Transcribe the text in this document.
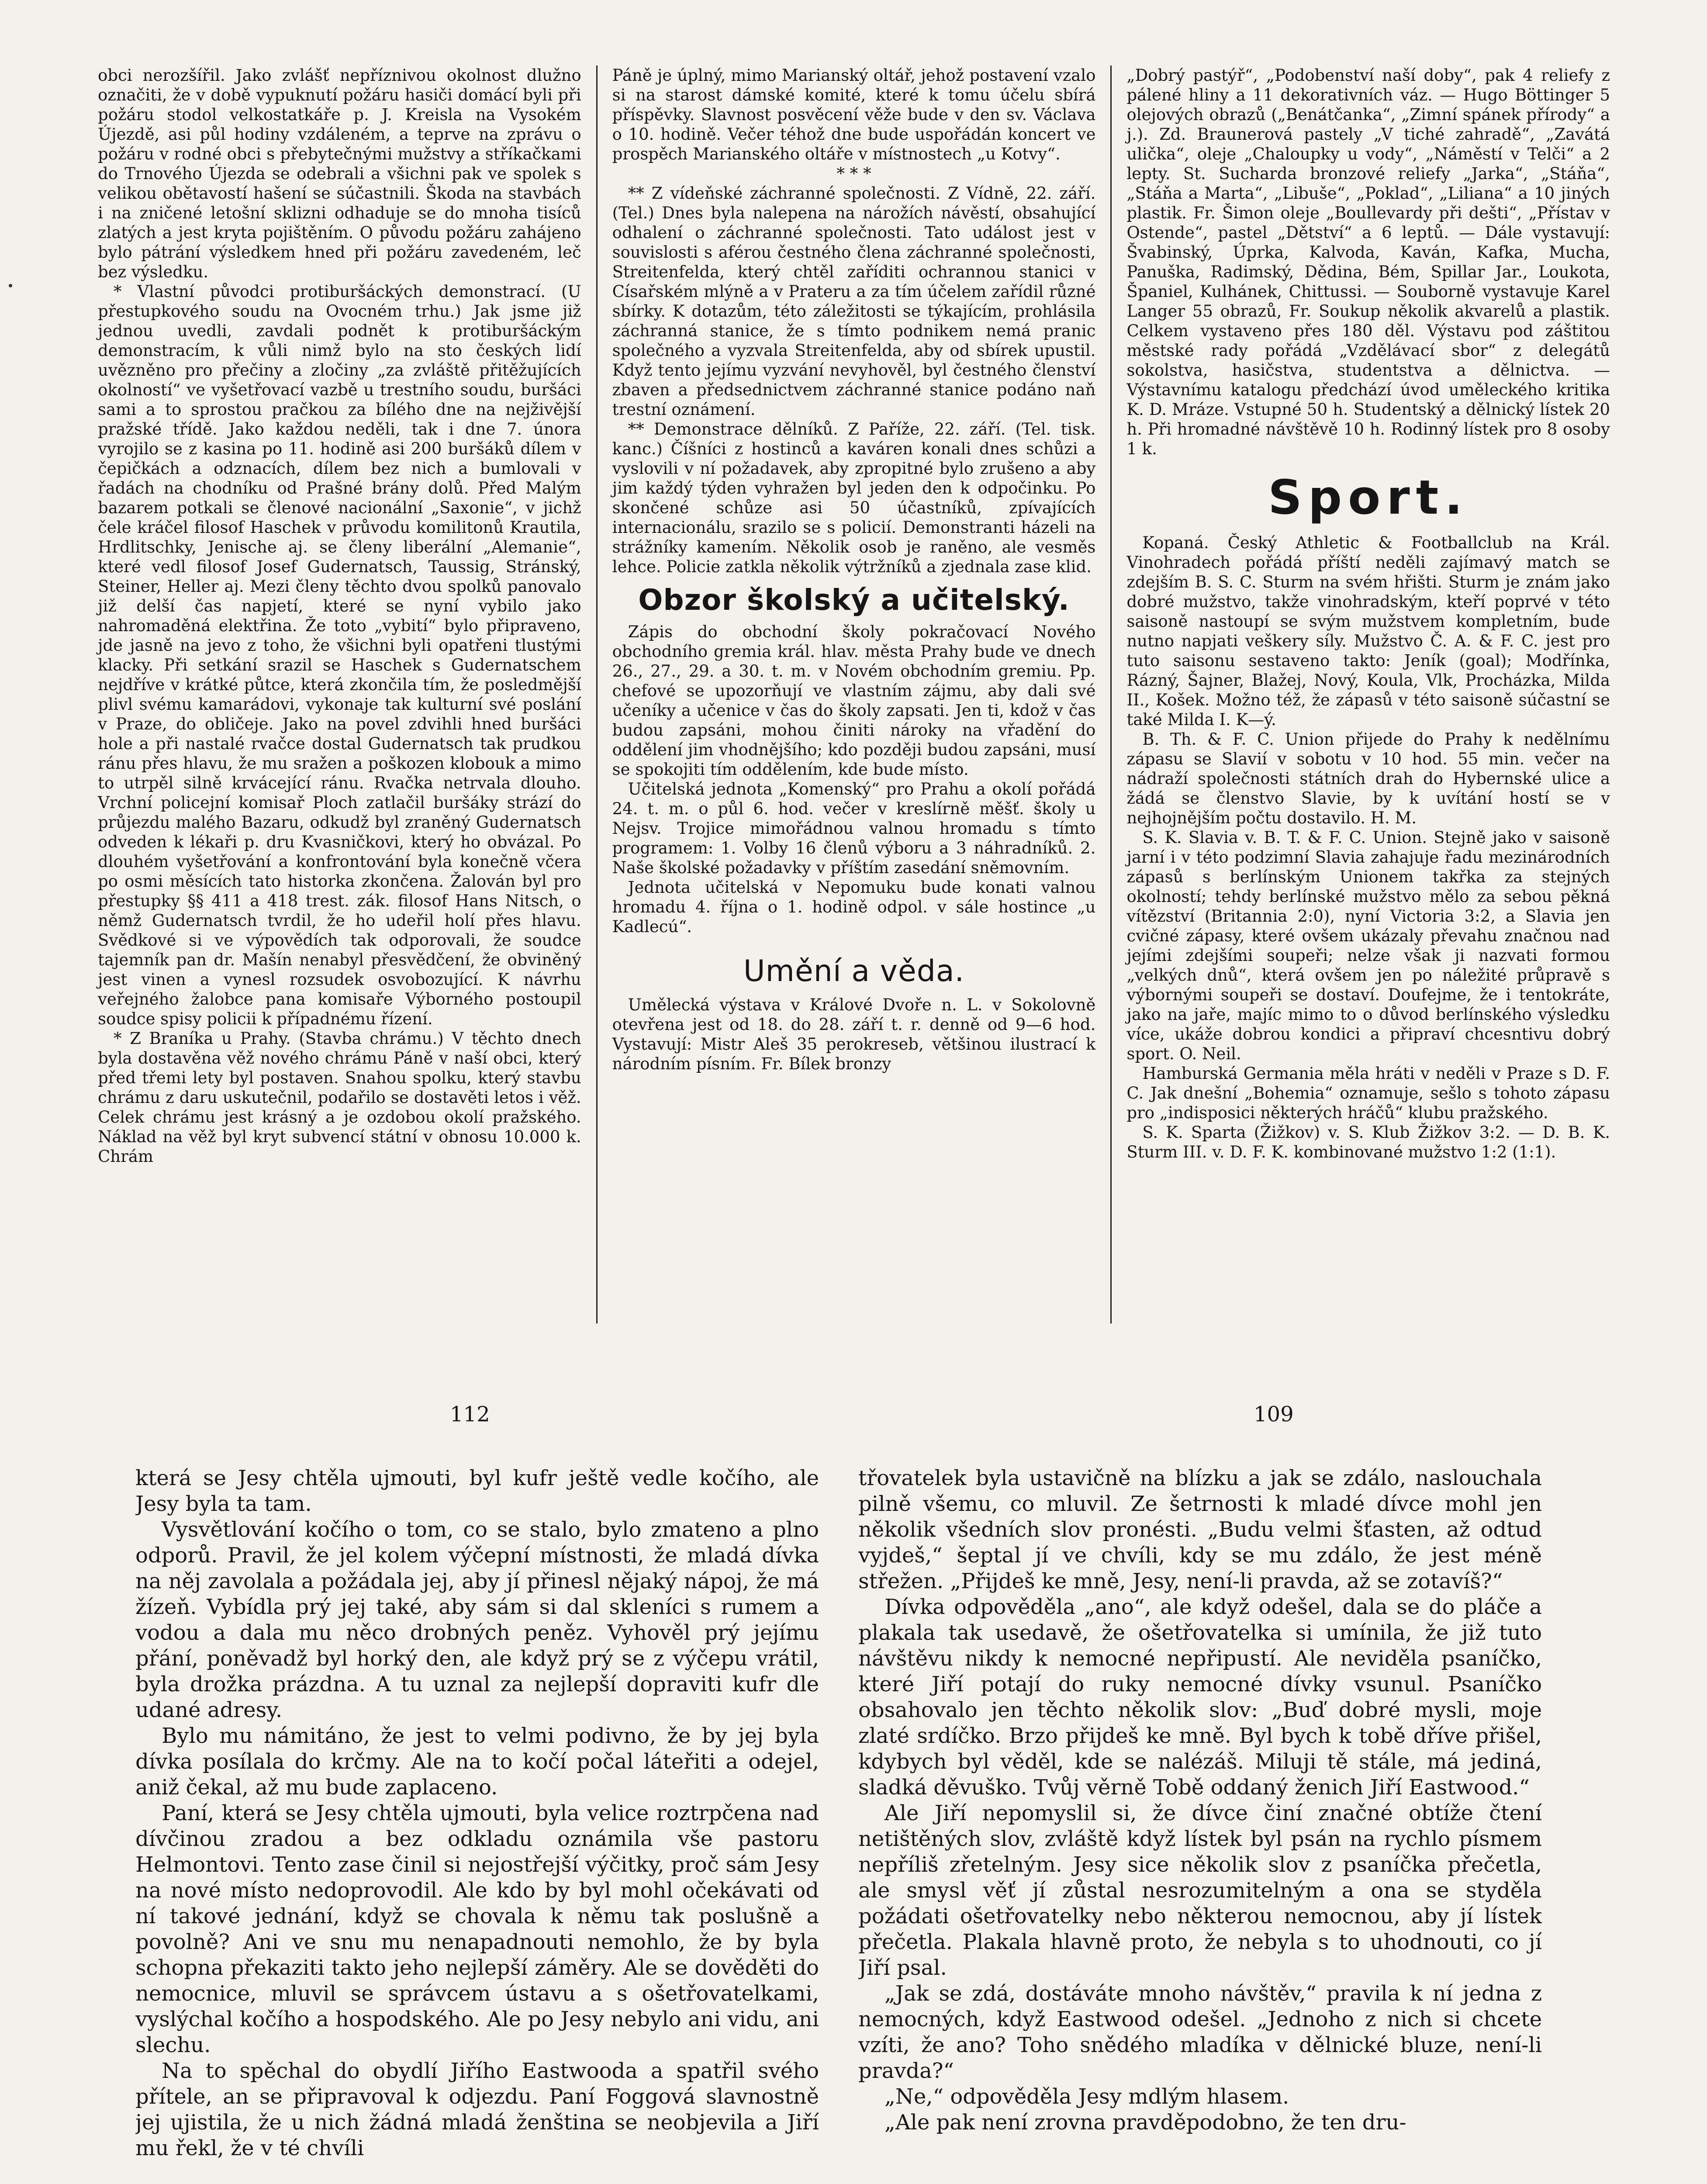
obci nerozšířil. Jako zvlášť nepříznivou okolnost dlužno označiti, že v době vypuknutí požáru hasiči domácí byli při požáru stodol velkostatkáře p. J. Kreisla na Vysokém Újezdě, asi půl hodiny vzdáleném, a teprve na zprávu o požáru v rodné obci s přebytečnými mužstvy a stříkačkami do Trnového Újezda se odebrali a všichni pak ve spolek s velikou obětavostí hašení se súčastnili. Škoda na stavbách i na zničené letošní sklizni odhaduje se do mnoha tisíců zlatých a jest kryta pojištěním. O původu požáru zahájeno bylo pátrání výsledkem hned při požáru zavedeném, leč bez výsledku.

* Vlastní původci protiburšáckých demonstrací. (U přestupkového soudu na Ovocném trhu.) Jak jsme již jednou uvedli, zavdali podnět k protiburšáckým demonstracím, k vůli nimž bylo na sto českých lidí uvězněno pro přečiny a zločiny „za zvláště přitěžujících okolností“ ve vyšetřovací vazbě u trestního soudu, buršáci sami a to sprostou pračkou za bílého dne na nejživější pražské třídě. Jako každou neděli, tak i dne 7. února vyrojilo se z kasina po 11. hodině asi 200 buršáků dílem v čepičkách a odznacích, dílem bez nich a bumlovali v řadách na chodníku od Prašné brány dolů. Před Malým bazarem potkali se členové nacionální „Saxonie“, v jichž čele kráčel filosof Haschek v průvodu komilitonů Krautila, Hrdlitschky, Jenische aj. se členy liberální „Alemanie“, které vedl filosof Josef Gudernatsch, Taussig, Stránský, Steiner, Heller aj. Mezi členy těchto dvou spolků panovalo již delší čas napjetí, které se nyní vybilo jako nahromaděná elektřina. Že toto „vybití“ bylo připraveno, jde jasně na jevo z toho, že všichni byli opatřeni tlustými klacky. Při setkání srazil se Haschek s Gudernatschem nejdříve v krátké půtce, která zkončila tím, že posledmější plivl svému kamarádovi, vykonaje tak kulturní své poslání v Praze, do obličeje. Jako na povel zdvihli hned buršáci hole a při nastalé rvačce dostal Gudernatsch tak prudkou ránu přes hlavu, že mu sražen a poškozen klobouk a mimo to utrpěl silně krvácející ránu. Rvačka netrvala dlouho. Vrchní policejní komisař Ploch zatlačil buršáky strází do průjezdu malého Bazaru, odkudž byl zraněný Gudernatsch odveden k lékaři p. dru Kvasničkovi, který ho obvázal. Po dlouhém vyšetřování a konfrontování byla konečně včera po osmi měsících tato historka zkončena. Žalován byl pro přestupky §§ 411 a 418 trest. zák. filosof Hans Nitsch, o němž Gudernatsch tvrdil, že ho udeřil holí přes hlavu. Svědkové si ve výpovědích tak odporovali, že soudce tajemník pan dr. Mašín nenabyl přesvědčení, že obviněný jest vinen a vynesl rozsudek osvobozující. K návrhu veřejného žalobce pana komisaře Výborného postoupil soudce spisy policii k případnému řízení.

* Z Braníka u Prahy. (Stavba chrámu.) V těchto dnech byla dostavěna věž nového chrámu Páně v naší obci, který před třemi lety byl postaven. Snahou spolku, který stavbu chrámu z daru uskutečnil, podařilo se dostavěti letos i věž. Celek chrámu jest krásný a je ozdobou okolí pražského. Náklad na věž byl kryt subvencí státní v obnosu 10.000 k. Chrám

Páně je úplný, mimo Marianský oltář, jehož postavení vzalo si na starost dámské komité, které k tomu účelu sbírá příspěvky. Slavnost posvěcení věže bude v den sv. Václava o 10. hodině. Večer téhož dne bude uspořádán koncert ve prospěch Marianského oltáře v místnostech „u Kotvy“.

* * *

** Z vídeňské záchranné společnosti. Z Vídně, 22. září. (Tel.) Dnes byla nalepena na nárožích návěstí, obsahující odhalení o záchranné společnosti. Tato událost jest v souvislosti s aférou čestného člena záchranné společnosti, Streitenfelda, který chtěl zaříditi ochrannou stanici v Císařském mlýně a v Prateru a za tím účelem zařídil různé sbírky. K dotazům, této záležitosti se týkajícím, prohlásila záchranná stanice, že s tímto podnikem nemá pranic společného a vyzvala Streitenfelda, aby od sbírek upustil. Když tento jejímu vyzvání nevyhověl, byl čestného členství zbaven a předsednictvem záchranné stanice podáno naň trestní oznámení.

** Demonstrace dělníků. Z Paříže, 22. září. (Tel. tisk. kanc.) Číšníci z hostinců a kaváren konali dnes schůzi a vyslovili v ní požadavek, aby zpropitné bylo zrušeno a aby jim každý týden vyhražen byl jeden den k odpočinku. Po skončené schůze asi 50 účastníků, zpívajících internacionálu, srazilo se s policií. Demonstranti házeli na strážníky kamením. Několik osob je raněno, ale vesměs lehce. Policie zatkla několik výtržníků a zjednala zase klid.

Obzor školský a učitelský.

Zápis do obchodní školy pokračovací Nového obchodního gremia král. hlav. města Prahy bude ve dnech 26., 27., 29. a 30. t. m. v Novém obchodním gremiu. Pp. chefové se upozorňují ve vlastním zájmu, aby dali své učeníky a učenice v čas do školy zapsati. Jen ti, kdož v čas budou zapsáni, mohou činiti nároky na vřadění do oddělení jim vhodnějšího; kdo později budou zapsáni, musí se spokojiti tím oddělením, kde bude místo.

Učitelská jednota „Komenský“ pro Prahu a okolí pořádá 24. t. m. o půl 6. hod. večer v kreslírně měšť. školy u Nejsv. Trojice mimořádnou valnou hromadu s tímto programem: 1. Volby 16 členů výboru a 3 náhradníků. 2. Naše školské požadavky v příštím zasedání sněmovním.

Jednota učitelská v Nepomuku bude konati valnou hromadu 4. října o 1. hodině odpol. v sále hostince „u Kadlecú“.

Umění a věda.

Umělecká výstava v Králové Dvoře n. L. v Sokolovně otevřena jest od 18. do 28. září t. r. denně od 9—6 hod. Vystavují: Mistr Aleš 35 perokreseb, většinou ilustrací k národním písním. Fr. Bílek bronzy

„Dobrý pastýř“, „Podobenství naší doby“, pak 4 reliefy z pálené hliny a 11 dekorativních váz. — Hugo Böttinger 5 olejových obrazů („Benátčanka“, „Zimní spánek přírody“ a j.). Zd. Braunerová pastely „V tiché zahradě“, „Zavátá ulička“, oleje „Chaloupky u vody“, „Náměstí v Telči“ a 2 lepty. St. Sucharda bronzové reliefy „Jarka“, „Stáňa“, „Stáňa a Marta“, „Libuše“, „Poklad“, „Liliana“ a 10 jiných plastik. Fr. Šimon oleje „Boullevardy při dešti“, „Přístav v Ostende“, pastel „Dětství“ a 6 leptů. — Dále vystavují: Švabinský, Úprka, Kalvoda, Kaván, Kafka, Mucha, Panuška, Radimský, Dědina, Bém, Spillar Jar., Loukota, Španiel, Kulhánek, Chittussi. — Souborně vystavuje Karel Langer 55 obrazů, Fr. Soukup několik akvarelů a plastik. Celkem vystaveno přes 180 děl. Výstavu pod záštitou městské rady pořádá „Vzdělávací sbor“ z delegátů sokolstva, hasičstva, studentstva a dělnictva. — Výstavnímu katalogu předchází úvod uměleckého kritika K. D. Mráze. Vstupné 50 h. Studentský a dělnický lístek 20 h. Při hromadné návštěvě 10 h. Rodinný lístek pro 8 osoby 1 k.

Sport.

Kopaná. Český Athletic & Footballclub na Král. Vinohradech pořádá příští neděli zajímavý match se zdejším B. S. C. Sturm na svém hřišti. Sturm je znám jako dobré mužstvo, takže vinohradským, kteří poprvé v této saisoně nastoupí se svým mužstvem kompletním, bude nutno napjati veškery síly. Mužstvo Č. A. & F. C. jest pro tuto saisonu sestaveno takto: Jeník (goal); Modřínka, Rázný, Šajner, Blažej, Nový, Koula, Vlk, Procházka, Milda II., Košek. Možno též, že zápasů v této saisoně súčastní se také Milda I. K—ý.

B. Th. & F. C. Union přijede do Prahy k nedělnímu zápasu se Slavií v sobotu v 10 hod. 55 min. večer na nádraží společnosti státních drah do Hybernské ulice a žádá se členstvo Slavie, by k uvítání hostí se v nejhojnějším počtu dostavilo. H. M.

S. K. Slavia v. B. T. & F. C. Union. Stejně jako v saisoně jarní i v této podzimní Slavia zahajuje řadu mezinárodních zápasů s berlínským Unionem takřka za stejných okolností; tehdy berlínské mužstvo mělo za sebou pěkná vítězství (Britannia 2:0), nyní Victoria 3:2, a Slavia jen cvičné zápasy, které ovšem ukázaly převahu značnou nad jejími zdejšími soupeři; nelze však ji nazvati formou „velkých dnů“, která ovšem jen po náležité průpravě s výbornými soupeři se dostaví. Doufejme, že i tentokráte, jako na jaře, majíc mimo to o důvod berlínského výsledku více, ukáže dobrou kondici a připraví chcesntivu dobrý sport. O. Neil.

Hamburská Germania měla hráti v neděli v Praze s D. F. C. Jak dnešní „Bohemia“ oznamuje, sešlo s tohoto zápasu pro „indisposici některých hráčů“ klubu pražského.

S. K. Sparta (Žižkov) v. S. Klub Žižkov 3:2. — D. B. K. Sturm III. v. D. F. K. kombinované mužstvo 1:2 (1:1).

112	109

která se Jesy chtěla ujmouti, byl kufr ještě vedle kočího, ale Jesy byla ta tam.

Vysvětlování kočího o tom, co se stalo, bylo zmateno a plno odporů. Pravil, že jel kolem výčepní místnosti, že mladá dívka na něj zavolala a požádala jej, aby jí přinesl nějaký nápoj, že má žízeň. Vybídla prý jej také, aby sám si dal skleníci s rumem a vodou a dala mu něco drobných peněz. Vyhověl prý jejímu přání, poněvadž byl horký den, ale když prý se z výčepu vrátil, byla drožka prázdna. A tu uznal za nejlepší dopraviti kufr dle udané adresy.

Bylo mu námitáno, že jest to velmi podivno, že by jej byla dívka posílala do krčmy. Ale na to kočí počal láteřiti a odejel, aniž čekal, až mu bude zaplaceno.

Paní, která se Jesy chtěla ujmouti, byla velice roztrpčena nad dívčinou zradou a bez odkladu oznámila vše pastoru Helmontovi. Tento zase činil si nejostřejší výčitky, proč sám Jesy na nové místo nedoprovodil. Ale kdo by byl mohl očekávati od ní takové jednání, když se chovala k němu tak poslušně a povolně? Ani ve snu mu nenapadnouti nemohlo, že by byla schopna překaziti takto jeho nejlepší záměry. Ale se dověděti do nemocnice, mluvil se správcem ústavu a s ošetřovatelkami, vyslýchal kočího a hospodského. Ale po Jesy nebylo ani vidu, ani slechu.

Na to spěchal do obydlí Jiřího Eastwooda a spatřil svého přítele, an se připravoval k odjezdu. Paní Foggová slavnostně jej ujistila, že u nich žádná mladá ženština se neobjevila a Jiří mu řekl, že v té chvíli

třovatelek byla ustavičně na blízku a jak se zdálo, naslouchala pilně všemu, co mluvil. Ze šetrnosti k mladé dívce mohl jen několik všedních slov pronésti. „Budu velmi šťasten, až odtud vyjdeš,“ šeptal jí ve chvíli, kdy se mu zdálo, že jest méně střežen. „Přijdeš ke mně, Jesy, není-li pravda, až se zotavíš?“

Dívka odpověděla „ano“, ale když odešel, dala se do pláče a plakala tak usedavě, že ošetřovatelka si umínila, že již tuto návštěvu nikdy k nemocné nepřipustí. Ale neviděla psaníčko, které Jiří potají do ruky nemocné dívky vsunul. Psaníčko obsahovalo jen těchto několik slov: „Buď dobré mysli, moje zlaté srdíčko. Brzo přijdeš ke mně. Byl bych k tobě dříve přišel, kdybych byl věděl, kde se nalézáš. Miluji tě stále, má jediná, sladká děvuško. Tvůj věrně Tobě oddaný ženich Jiří Eastwood.“

Ale Jiří nepomyslil si, že dívce činí značné obtíže čtení netištěných slov, zvláště když lístek byl psán na rychlo písmem nepříliš zřetelným. Jesy sice několik slov z psaníčka přečetla, ale smysl věť jí zůstal nesrozumitelným a ona se styděla požádati ošetřovatelky nebo některou nemocnou, aby jí lístek přečetla. Plakala hlavně proto, že nebyla s to uhodnouti, co jí Jiří psal.

„Jak se zdá, dostáváte mnoho návštěv,“ pravila k ní jedna z nemocných, když Eastwood odešel. „Jednoho z nich si chcete vzíti, že ano? Toho snědého mladíka v dělnické bluze, není-li pravda?“

„Ne,“ odpověděla Jesy mdlým hlasem.

„Ale pak není zrovna pravděpodobno, že ten dru-
